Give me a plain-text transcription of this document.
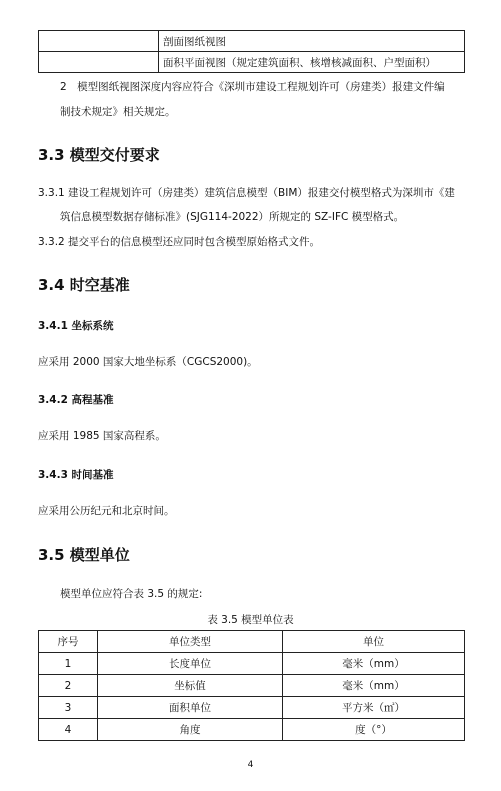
	剖面图纸视图
	面积平面视图（规定建筑面积、核增核减面积、户型面积）
2　模型图纸视图深度内容应符合《深圳市建设工程规划许可（房建类）报建文件编
制技术规定》相关规定。
3.3 模型交付要求
3.3.1 建设工程规划许可（房建类）建筑信息模型（BIM）报建交付模型格式为深圳市《建
筑信息模型数据存储标准》(SJG114-2022）所规定的 SZ-IFC 模型格式。
3.3.2 提交平台的信息模型还应同时包含模型原始格式文件。
3.4 时空基准
3.4.1 坐标系统
应采用 2000 国家大地坐标系（CGCS2000)。
3.4.2 高程基准
应采用 1985 国家高程系。
3.4.3 时间基准
应采用公历纪元和北京时间。
3.5 模型单位
模型单位应符合表 3.5 的规定:
表 3.5 模型单位表
序号	单位类型	单位
1	长度单位	毫米（mm）
2	坐标值	毫米（mm）
3	面积单位	平方米（㎡）
4	角度	度（°）
4
